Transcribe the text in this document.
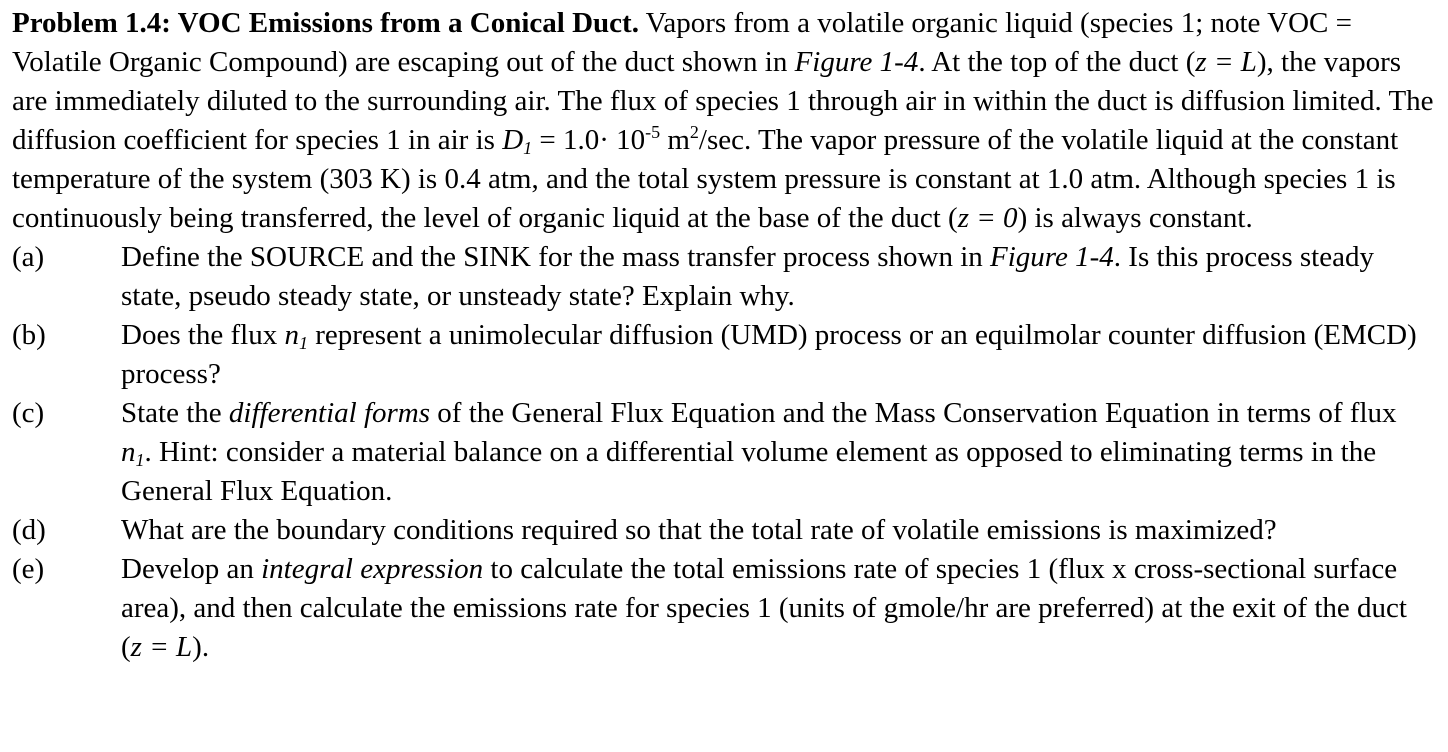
Problem 1.4: VOC Emissions from a Conical Duct. Vapors from a volatile organic liquid (species 1; note VOC = Volatile Organic Compound) are escaping out of the duct shown in Figure 1-4. At the top of the duct (z = L), the vapors are immediately diluted to the surrounding air. The flux of species 1 through air in within the duct is diffusion limited. The diffusion coefficient for species 1 in air is $D_1 = 1.0\cdot 10^{-5}$ $m^2/\sec$. The vapor pressure of the volatile liquid at the constant temperature of the system (303 K) is 0.4 atm, and the total system pressure is constant at 1.0 atm. Although species 1 is continuously being transferred, the level of organic liquid at the base of the duct (z = 0) is always constant.

(a)	Define the SOURCE and the SINK for the mass transfer process shown in Figure 1-4. Is this process steady state, pseudo steady state, or unsteady state? Explain why.
(b)	Does the flux $n_1$ represent a unimolecular diffusion (UMD) process or an equilmolar counter diffusion (EMCD) process?
(c)	State the differential forms of the General Flux Equation and the Mass Conservation Equation in terms of flux $n_1$. Hint: consider a material balance on a differential volume element as opposed to eliminating terms in the General Flux Equation.
(d)	What are the boundary conditions required so that the total rate of volatile emissions is maximized?
(e)	Develop an integral expression to calculate the total emissions rate of species 1 (flux x cross-sectional surface area), and then calculate the emissions rate for species 1 (units of gmole/hr are preferred) at the exit of the duct (z = L).
